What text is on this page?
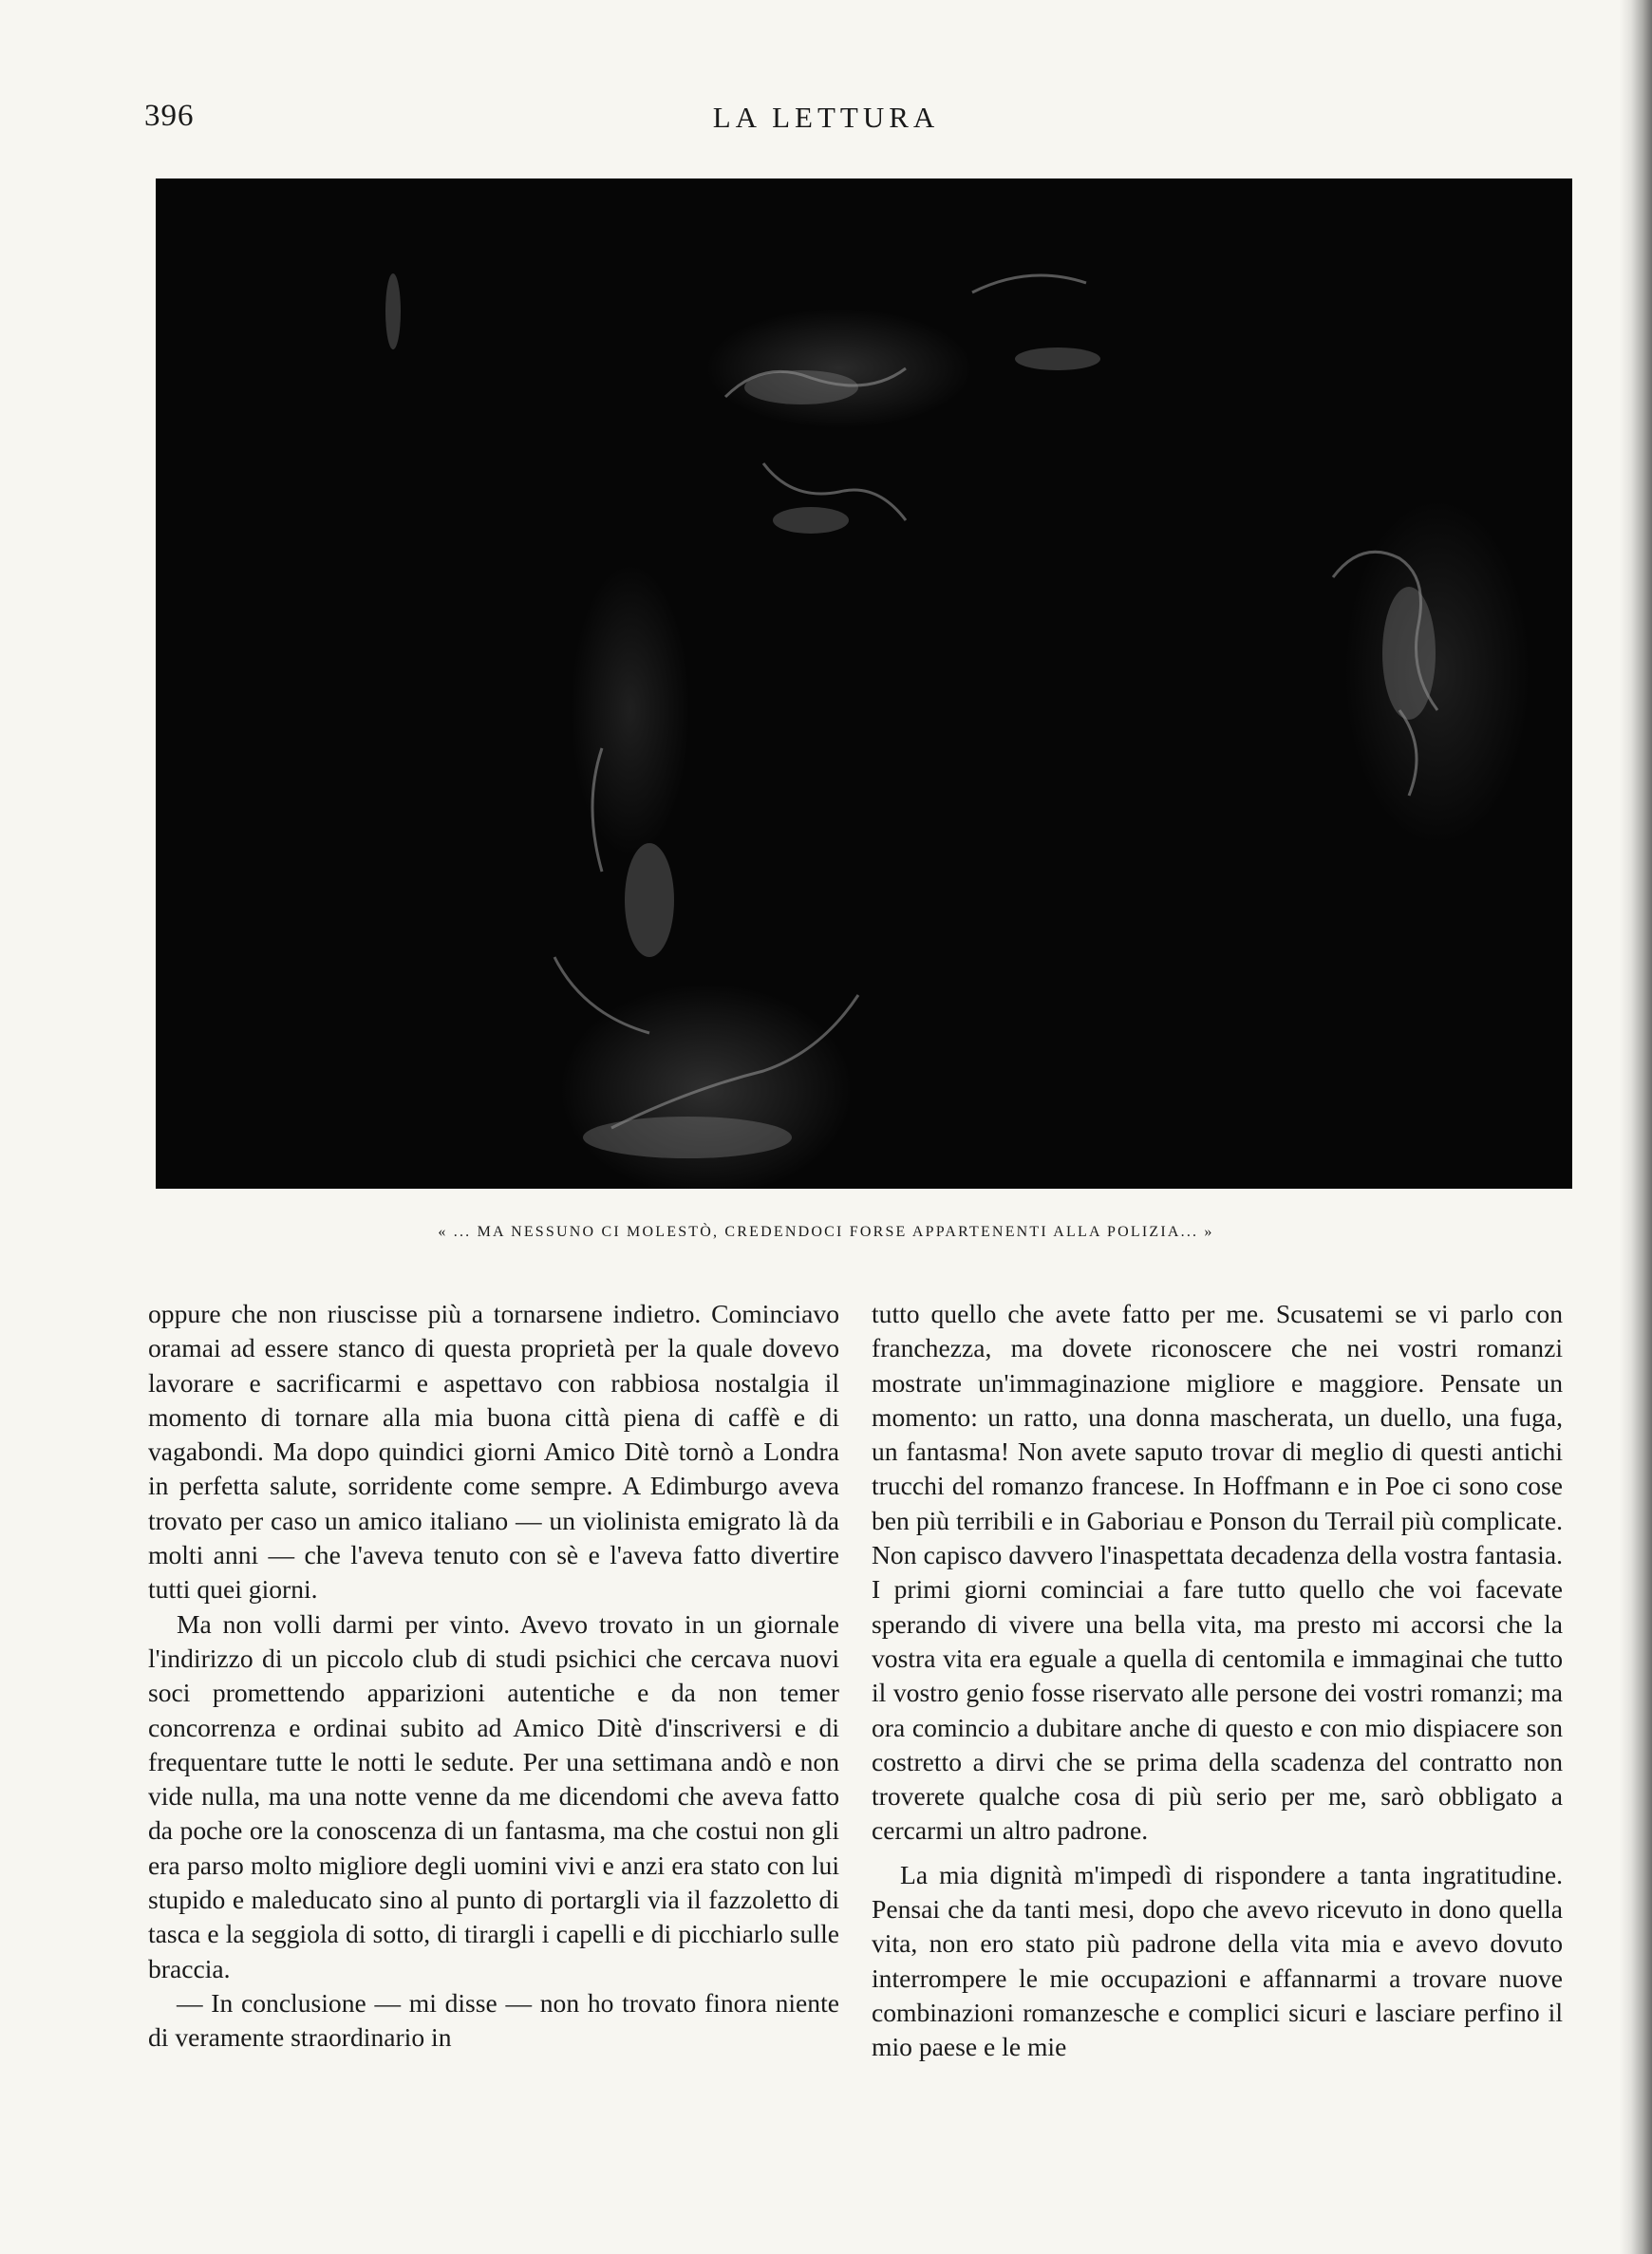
396	LA LETTURA
« ... MA NESSUNO CI MOLESTÒ, CREDENDOCI FORSE APPARTENENTI ALLA POLIZIA... »

oppure che non riuscisse più a tornarsene indietro. Cominciavo oramai ad essere stanco di questa proprietà per la quale dovevo lavorare e sacrificarmi e aspettavo con rabbiosa nostalgia il momento di tornare alla mia buona città piena di caffè e di vagabondi. Ma dopo quindici giorni Amico Ditè tornò a Londra in perfetta salute, sorridente come sempre. A Edimburgo aveva trovato per caso un amico italiano — un violinista emigrato là da molti anni — che l'aveva tenuto con sè e l'aveva fatto divertire tutti quei giorni.

Ma non volli darmi per vinto. Avevo trovato in un giornale l'indirizzo di un piccolo club di studi psichici che cercava nuovi soci promettendo apparizioni autentiche e da non temer concorrenza e ordinai subito ad Amico Ditè d'inscriversi e di frequentare tutte le notti le sedute. Per una settimana andò e non vide nulla, ma una notte venne da me dicendomi che aveva fatto da poche ore la conoscenza di un fantasma, ma che costui non gli era parso molto migliore degli uomini vivi e anzi era stato con lui stupido e maleducato sino al punto di portargli via il fazzoletto di tasca e la seggiola di sotto, di tirargli i capelli e di picchiarlo sulle braccia.

— In conclusione — mi disse — non ho trovato finora niente di veramente straordinario in

tutto quello che avete fatto per me. Scusatemi se vi parlo con franchezza, ma dovete riconoscere che nei vostri romanzi mostrate un'immaginazione migliore e maggiore. Pensate un momento: un ratto, una donna mascherata, un duello, una fuga, un fantasma! Non avete saputo trovar di meglio di questi antichi trucchi del romanzo francese. In Hoffmann e in Poe ci sono cose ben più terribili e in Gaboriau e Ponson du Terrail più complicate. Non capisco davvero l'inaspettata decadenza della vostra fantasia. I primi giorni cominciai a fare tutto quello che voi facevate sperando di vivere una bella vita, ma presto mi accorsi che la vostra vita era eguale a quella di centomila e immaginai che tutto il vostro genio fosse riservato alle persone dei vostri romanzi; ma ora comincio a dubitare anche di questo e con mio dispiacere son costretto a dirvi che se prima della scadenza del contratto non troverete qualche cosa di più serio per me, sarò obbligato a cercarmi un altro padrone.

La mia dignità m'impedì di rispondere a tanta ingratitudine. Pensai che da tanti mesi, dopo che avevo ricevuto in dono quella vita, non ero stato più padrone della vita mia e avevo dovuto interrompere le mie occupazioni e affannarmi a trovare nuove combinazioni romanzesche e complici sicuri e lasciare perfino il mio paese e le mie
